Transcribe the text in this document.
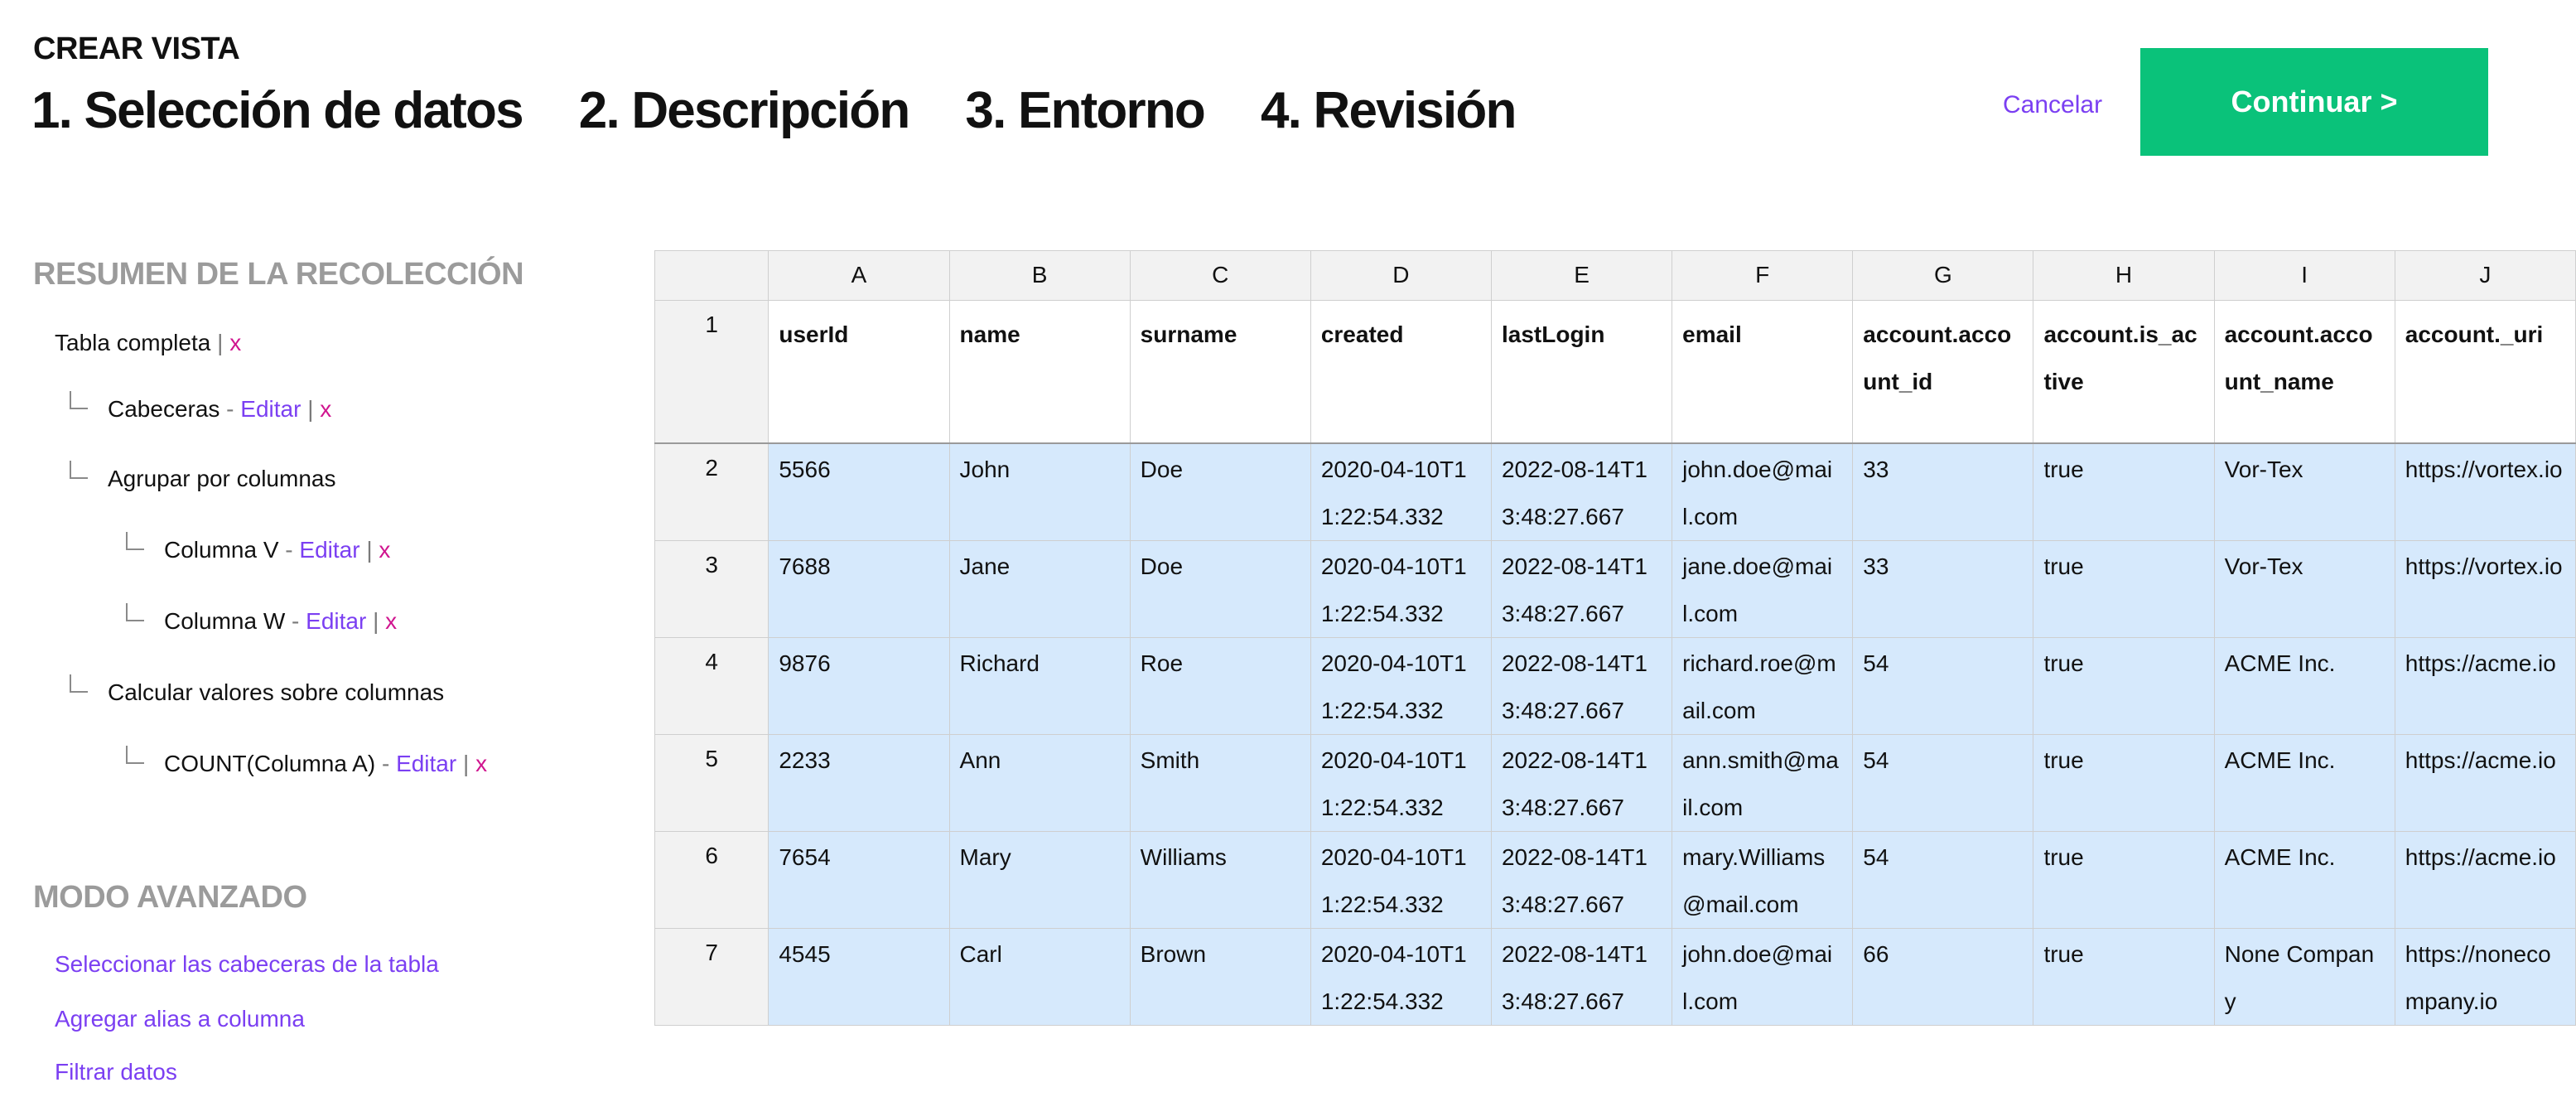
CREAR VISTA
1. Selección de datos 2. Descripción 3. Entorno 4. Revisión	Cancelar	Continuar >
RESUMEN DE LA RECOLECCIÓN
Tabla completa | x
Cabeceras - Editar | x
Agrupar por columnas
Columna V - Editar | x
Columna W - Editar | x
Calcular valores sobre columnas
COUNT(Columna A) - Editar | x
MODO AVANZADO
Seleccionar las cabeceras de la tabla
Agregar alias a columna
Filtrar datos
	A	B	C	D	E	F	G	H	I	J
1	userId	name	surname	created	lastLogin	email	account.account_id	account.is_active	account.account_name	account._uri
2	5566	John	Doe	2020-04-10T11:22:54.332	2022-08-14T13:48:27.667	john.doe@mail.com	33	true	Vor-Tex	https://vortex.io
3	7688	Jane	Doe	2020-04-10T11:22:54.332	2022-08-14T13:48:27.667	jane.doe@mail.com	33	true	Vor-Tex	https://vortex.io
4	9876	Richard	Roe	2020-04-10T11:22:54.332	2022-08-14T13:48:27.667	richard.roe@mail.com	54	true	ACME Inc.	https://acme.io
5	2233	Ann	Smith	2020-04-10T11:22:54.332	2022-08-14T13:48:27.667	ann.smith@mail.com	54	true	ACME Inc.	https://acme.io
6	7654	Mary	Williams	2020-04-10T11:22:54.332	2022-08-14T13:48:27.667	mary.Williams@mail.com	54	true	ACME Inc.	https://acme.io
7	4545	Carl	Brown	2020-04-10T11:22:54.332	2022-08-14T13:48:27.667	john.doe@mail.com	66	true	None Company	https://nonecompany.io
